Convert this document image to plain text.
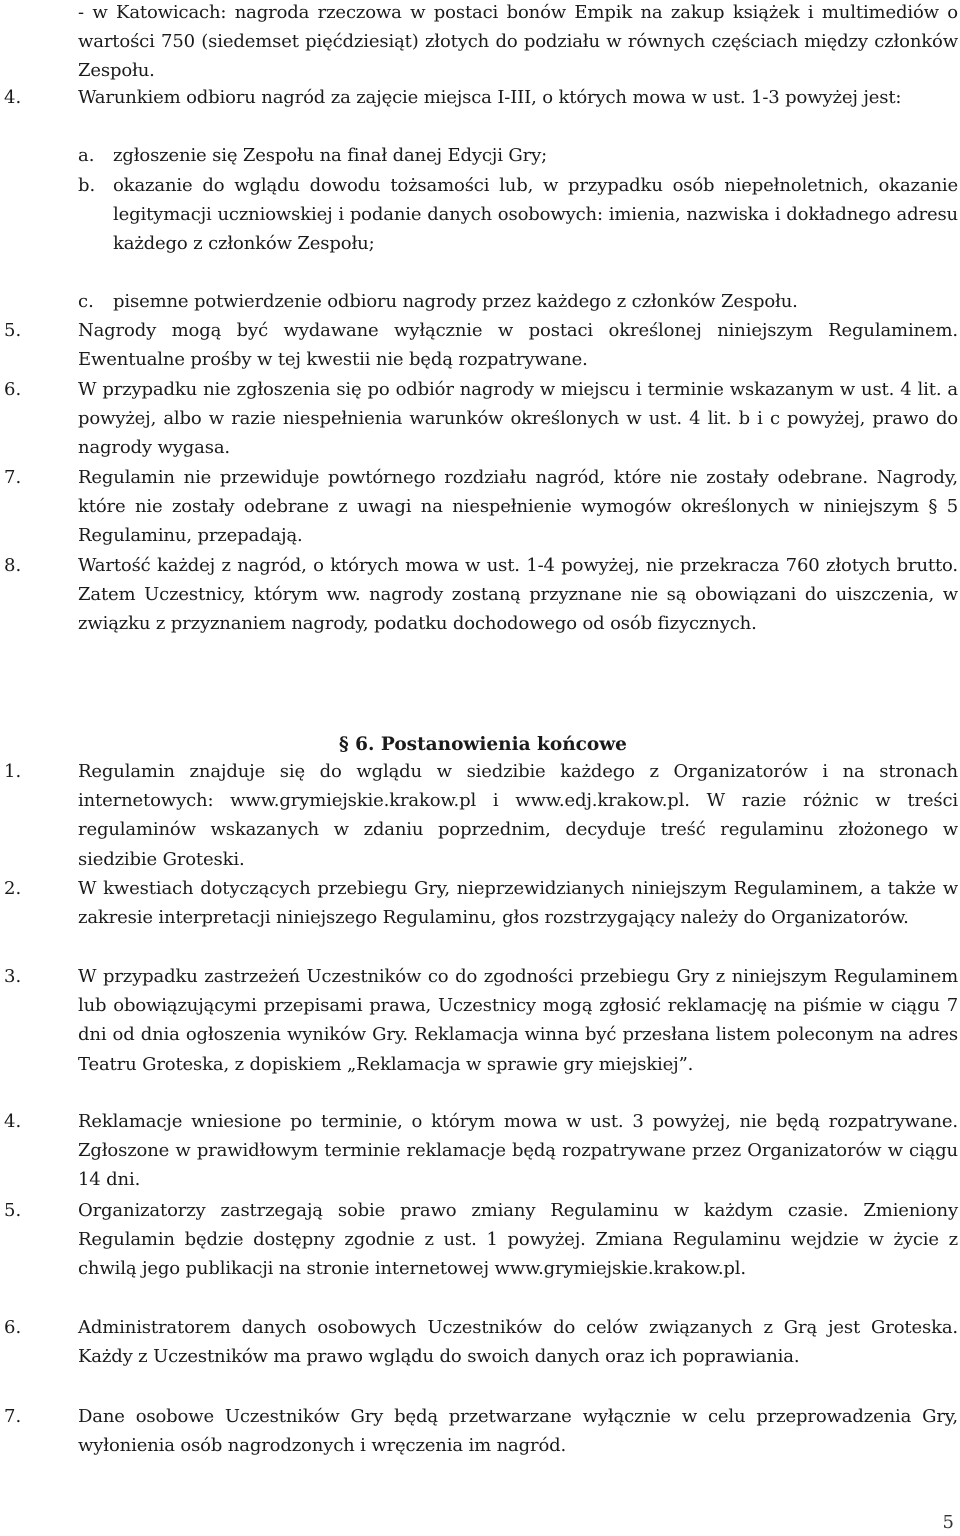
- w Katowicach: nagroda rzeczowa w postaci bonów Empik na zakup książek i multimediów o wartości 750 (siedemset pięćdziesiąt) złotych do podziału w równych częściach między członków Zespołu.
4.	Warunkiem odbioru nagród za zajęcie miejsca I-III, o których mowa w ust. 1-3 powyżej jest:
a. zgłoszenie się Zespołu na finał danej Edycji Gry;
b. okazanie do wglądu dowodu tożsamości lub, w przypadku osób niepełnoletnich, okazanie legitymacji uczniowskiej i podanie danych osobowych: imienia, nazwiska i dokładnego adresu każdego z członków Zespołu;
c. pisemne potwierdzenie odbioru nagrody przez każdego z członków Zespołu.
5.	Nagrody mogą być wydawane wyłącznie w postaci określonej niniejszym Regulaminem. Ewentualne prośby w tej kwestii nie będą rozpatrywane.
6.	W przypadku nie zgłoszenia się po odbiór nagrody w miejscu i terminie wskazanym w ust. 4 lit. a powyżej, albo w razie niespełnienia warunków określonych w ust. 4 lit. b i c powyżej, prawo do nagrody wygasa.
7.	Regulamin nie przewiduje powtórnego rozdziału nagród, które nie zostały odebrane. Nagrody, które nie zostały odebrane z uwagi na niespełnienie wymogów określonych w niniejszym § 5 Regulaminu, przepadają.
8.	Wartość każdej z nagród, o których mowa w ust. 1-4 powyżej, nie przekracza 760 złotych brutto. Zatem Uczestnicy, którym ww. nagrody zostaną przyznane nie są obowiązani do uiszczenia, w związku z przyznaniem nagrody, podatku dochodowego od osób fizycznych.
§ 6. Postanowienia końcowe
1.	Regulamin znajduje się do wglądu w siedzibie każdego z Organizatorów i na stronach internetowych: www.grymiejskie.krakow.pl i www.edj.krakow.pl. W razie różnic w treści regulaminów wskazanych w zdaniu poprzednim, decyduje treść regulaminu złożonego w siedzibie Groteski.
2.	W kwestiach dotyczących przebiegu Gry, nieprzewidzianych niniejszym Regulaminem, a także w zakresie interpretacji niniejszego Regulaminu, głos rozstrzygający należy do Organizatorów.
3.	W przypadku zastrzeżeń Uczestników co do zgodności przebiegu Gry z niniejszym Regulaminem lub obowiązującymi przepisami prawa, Uczestnicy mogą zgłosić reklamację na piśmie w ciągu 7 dni od dnia ogłoszenia wyników Gry. Reklamacja winna być przesłana listem poleconym na adres Teatru Groteska, z dopiskiem „Reklamacja w sprawie gry miejskiej”.
4.	Reklamacje wniesione po terminie, o którym mowa w ust. 3 powyżej, nie będą rozpatrywane. Zgłoszone w prawidłowym terminie reklamacje będą rozpatrywane przez Organizatorów w ciągu 14 dni.
5.	Organizatorzy zastrzegają sobie prawo zmiany Regulaminu w każdym czasie. Zmieniony Regulamin będzie dostępny zgodnie z ust. 1 powyżej. Zmiana Regulaminu wejdzie w życie z chwilą jego publikacji na stronie internetowej www.grymiejskie.krakow.pl.
6.	Administratorem danych osobowych Uczestników do celów związanych z Grą jest Groteska. Każdy z Uczestników ma prawo wglądu do swoich danych oraz ich poprawiania.
7.	Dane osobowe Uczestników Gry będą przetwarzane wyłącznie w celu przeprowadzenia Gry, wyłonienia osób nagrodzonych i wręczenia im nagród.
5
